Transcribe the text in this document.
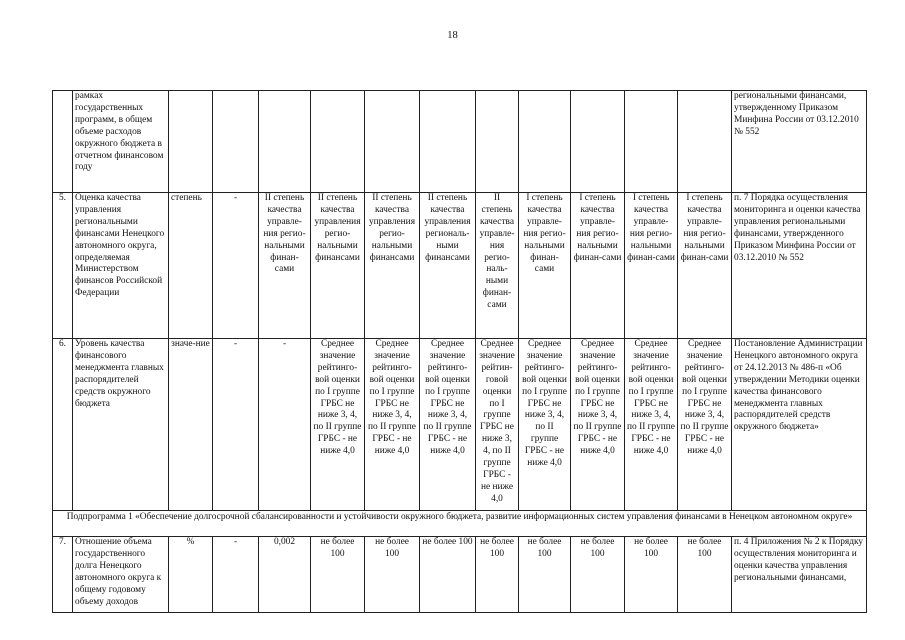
18
	рамках государственных программ, в общем объеме расходов окружного бюджета в отчетном финансовом году												региональными финансами, утвержденному Приказом Минфина России от 03.12.2010 № 552
5.	Оценка качества управления региональными финансами Ненецкого автономного округа, определяемая Министерством финансов Российской Федерации	степень	-	II степень качества управле-ния регио-нальными финан-сами	II степень качества управления регио-нальными финансами	II степень качества управления регио-нальными финансами	II степень качества управления региональ-ными финансами	II степень качества управле-ния регио-наль-ными финан-сами	I степень качества управле-ния регио-нальными финан-сами	I степень качества управле-ния регио-нальными финан-сами	I степень качества управле-ния регио-нальными финан-сами	I степень качества управле-ния регио-нальными финан-сами	п. 7 Порядка осуществления мониторинга и оценки качества управления региональными финансами, утвержденного Приказом Минфина России от 03.12.2010 № 552
6.	Уровень качества финансового менеджмента главных распорядителей средств окружного бюджета	значе-ние	-	-	Среднее значение рейтинго-вой оценки по I группе ГРБС не ниже 3, 4, по II группе ГРБС - не ниже 4,0	Среднее значение рейтинго-вой оценки по I группе ГРБС не ниже 3, 4, по II группе ГРБС - не ниже 4,0	Среднее значение рейтинго-вой оценки по I группе ГРБС не ниже 3, 4, по II группе ГРБС - не ниже 4,0	Среднее значение рейтин-говой оценки по I группе ГРБС не ниже 3, 4, по II группе ГРБС - не ниже 4,0	Среднее значение рейтинго-вой оценки по I группе ГРБС не ниже 3, 4, по II группе ГРБС - не ниже 4,0	Среднее значение рейтинго-вой оценки по I группе ГРБС не ниже 3, 4, по II группе ГРБС - не ниже 4,0	Среднее значение рейтинго-вой оценки по I группе ГРБС не ниже 3, 4, по II группе ГРБС - не ниже 4,0	Среднее значение рейтинго-вой оценки по I группе ГРБС не ниже 3, 4, по II группе ГРБС - не ниже 4,0	Постановление Администрации Ненецкого автономного округа от 24.12.2013 № 486-п «Об утверждении Методики оценки качества финансового менеджмента главных распорядителей средств окружного бюджета»
Подпрограмма 1 «Обеспечение долгосрочной сбалансированности и устойчивости окружного бюджета, развитие информационных систем управления финансами в Ненецком автономном округе»													
7.	Отношение объема государственного долга Ненецкого автономного округа к общему годовому объему доходов	%	-	0,002	не более 100	не более 100	не более 100	не более 100	не более 100	не более 100	не более 100	не более 100	п. 4 Приложения № 2 к Порядку осуществления мониторинга и оценки качества управления региональными финансами,
